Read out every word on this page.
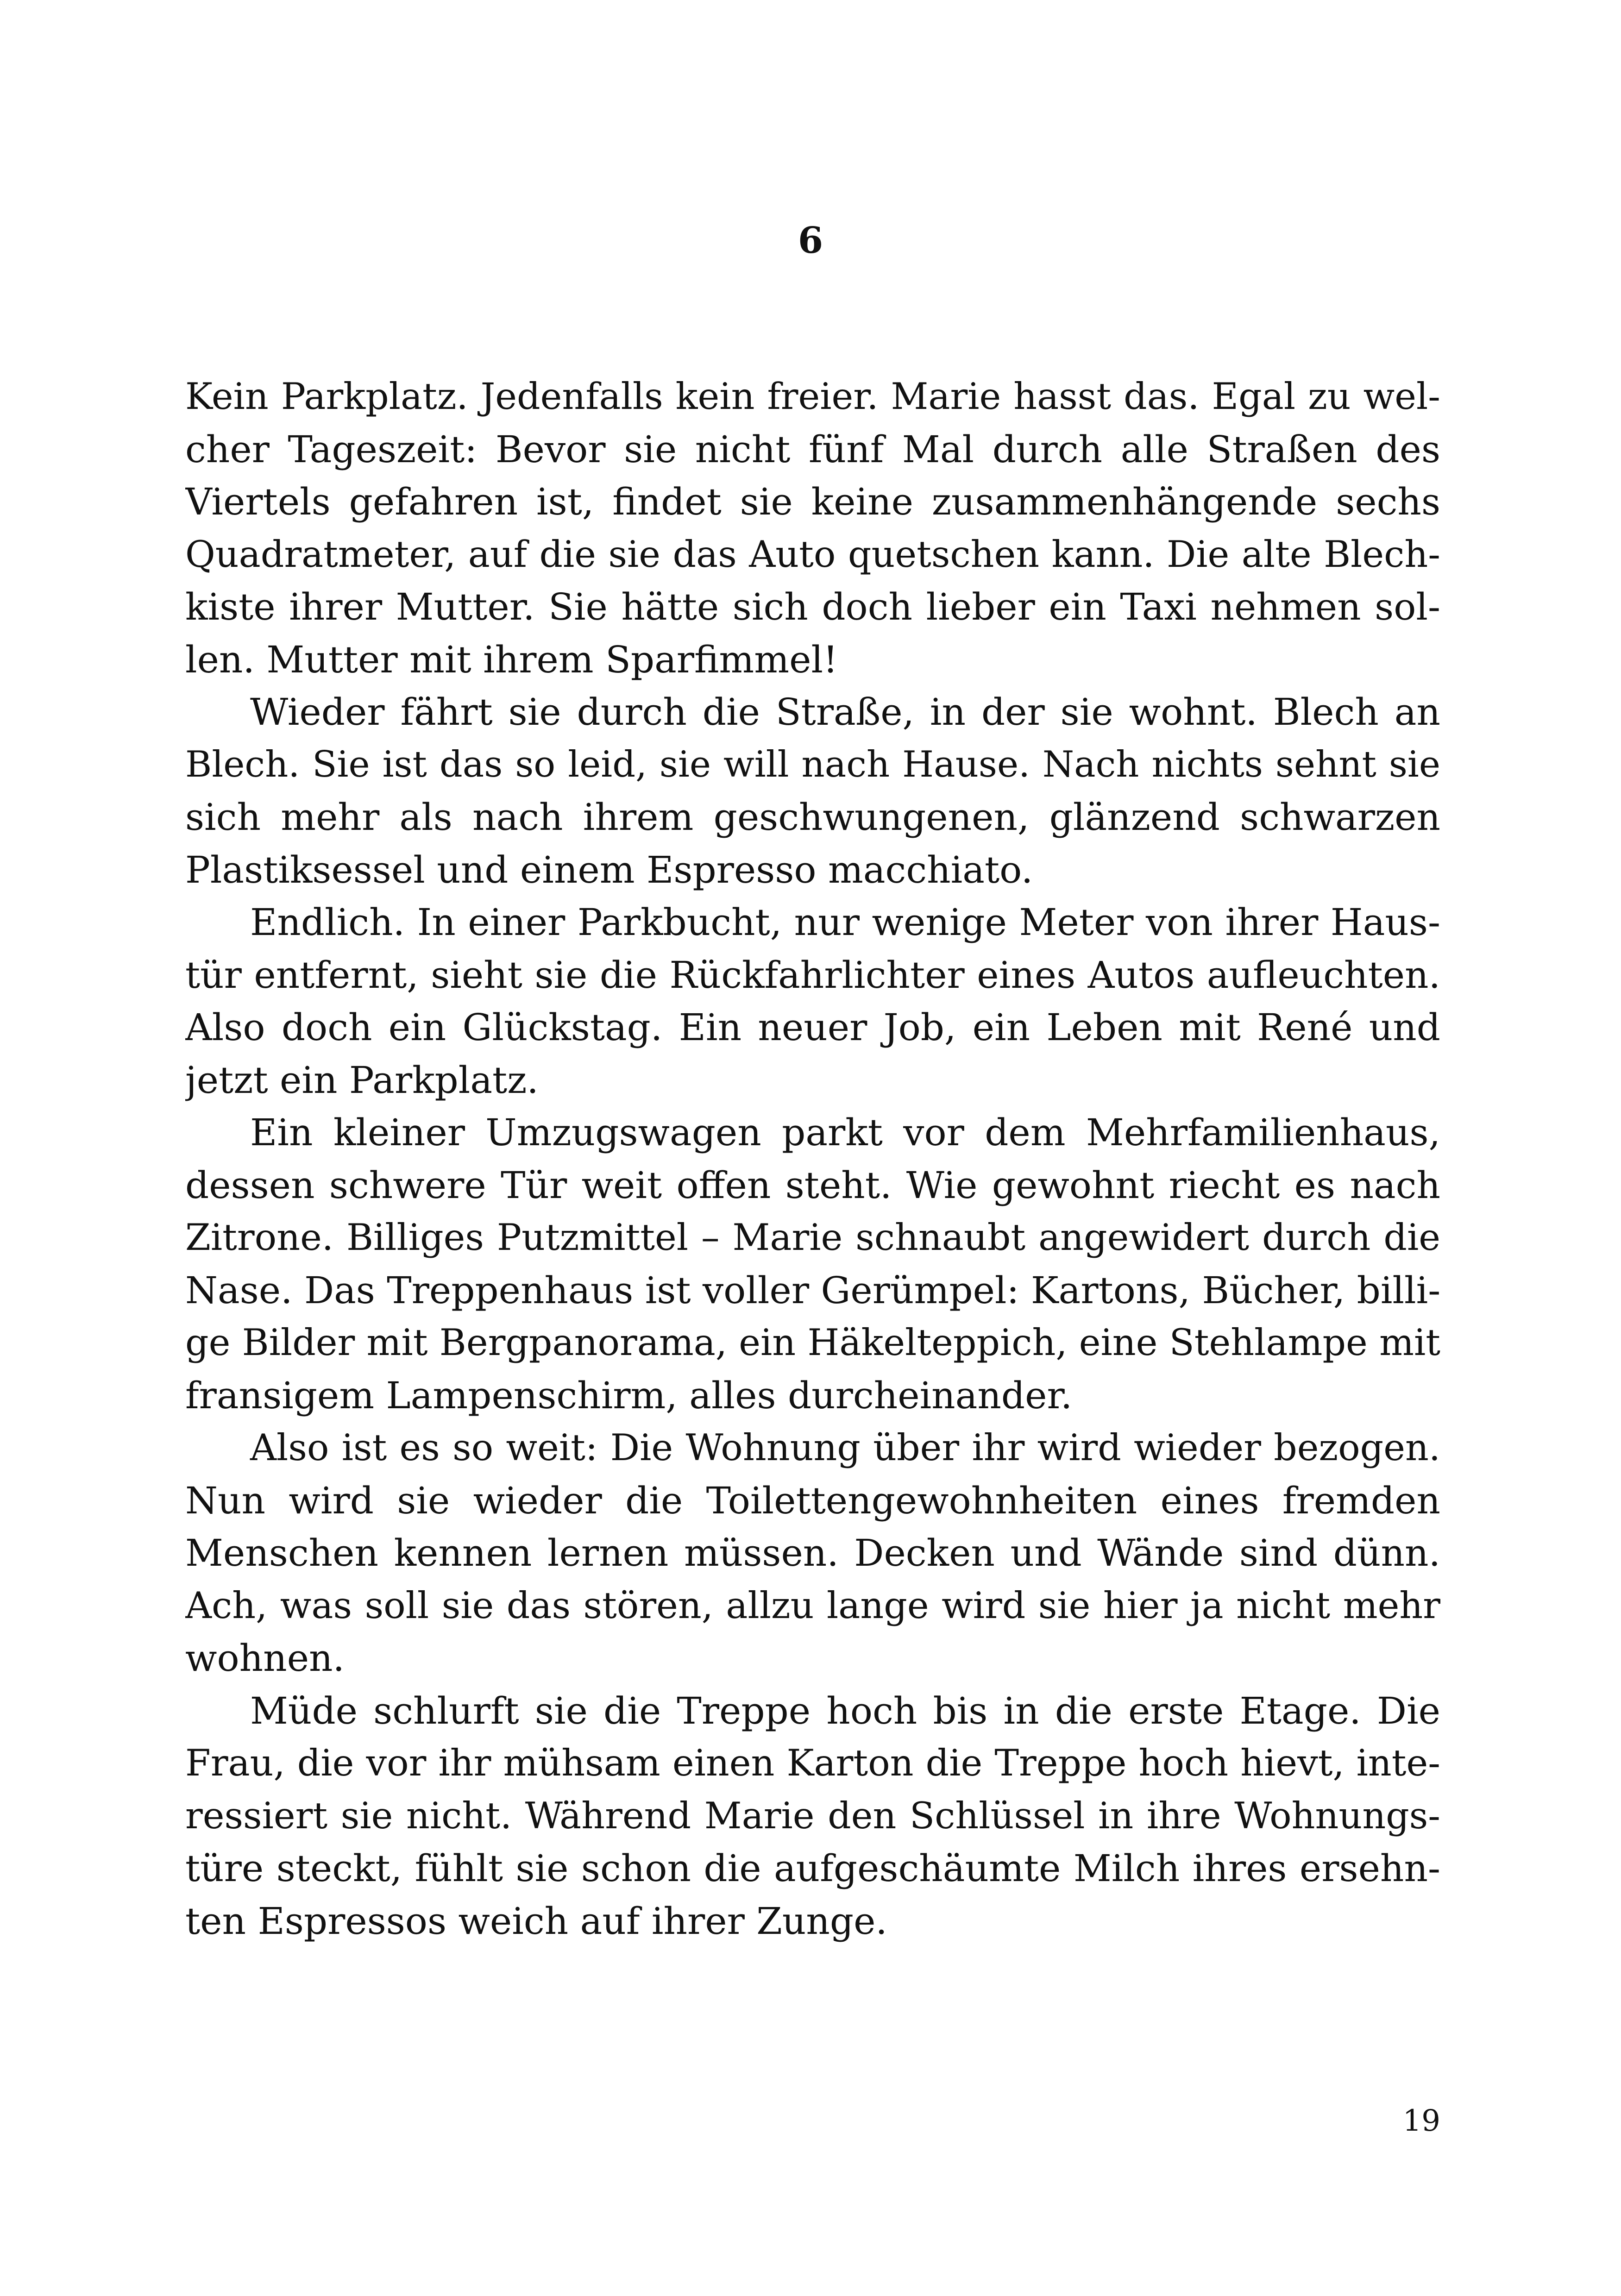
6
Kein Parkplatz. Jedenfalls kein freier. Marie hasst das. Egal zu wel-
cher Tageszeit: Bevor sie nicht fünf Mal durch alle Straßen des
Viertels gefahren ist, findet sie keine zusammenhängende sechs
Quadratmeter, auf die sie das Auto quetschen kann. Die alte Blech-
kiste ihrer Mutter. Sie hätte sich doch lieber ein Taxi nehmen sol-
len. Mutter mit ihrem Sparfimmel!
Wieder fährt sie durch die Straße, in der sie wohnt. Blech an
Blech. Sie ist das so leid, sie will nach Hause. Nach nichts sehnt sie
sich mehr als nach ihrem geschwungenen, glänzend schwarzen
Plastiksessel und einem Espresso macchiato.
Endlich. In einer Parkbucht, nur wenige Meter von ihrer Haus-
tür entfernt, sieht sie die Rückfahrlichter eines Autos aufleuchten.
Also doch ein Glückstag. Ein neuer Job, ein Leben mit René und
jetzt ein Parkplatz.
Ein kleiner Umzugswagen parkt vor dem Mehrfamilienhaus,
dessen schwere Tür weit offen steht. Wie gewohnt riecht es nach
Zitrone. Billiges Putzmittel – Marie schnaubt angewidert durch die
Nase. Das Treppenhaus ist voller Gerümpel: Kartons, Bücher, billi-
ge Bilder mit Bergpanorama, ein Häkelteppich, eine Stehlampe mit
fransigem Lampenschirm, alles durcheinander.
Also ist es so weit: Die Wohnung über ihr wird wieder bezogen.
Nun wird sie wieder die Toilettengewohnheiten eines fremden
Menschen kennen lernen müssen. Decken und Wände sind dünn.
Ach, was soll sie das stören, allzu lange wird sie hier ja nicht mehr
wohnen.
Müde schlurft sie die Treppe hoch bis in die erste Etage. Die
Frau, die vor ihr mühsam einen Karton die Treppe hoch hievt, inte-
ressiert sie nicht. Während Marie den Schlüssel in ihre Wohnungs-
türe steckt, fühlt sie schon die aufgeschäumte Milch ihres ersehn-
ten Espressos weich auf ihrer Zunge.
19
